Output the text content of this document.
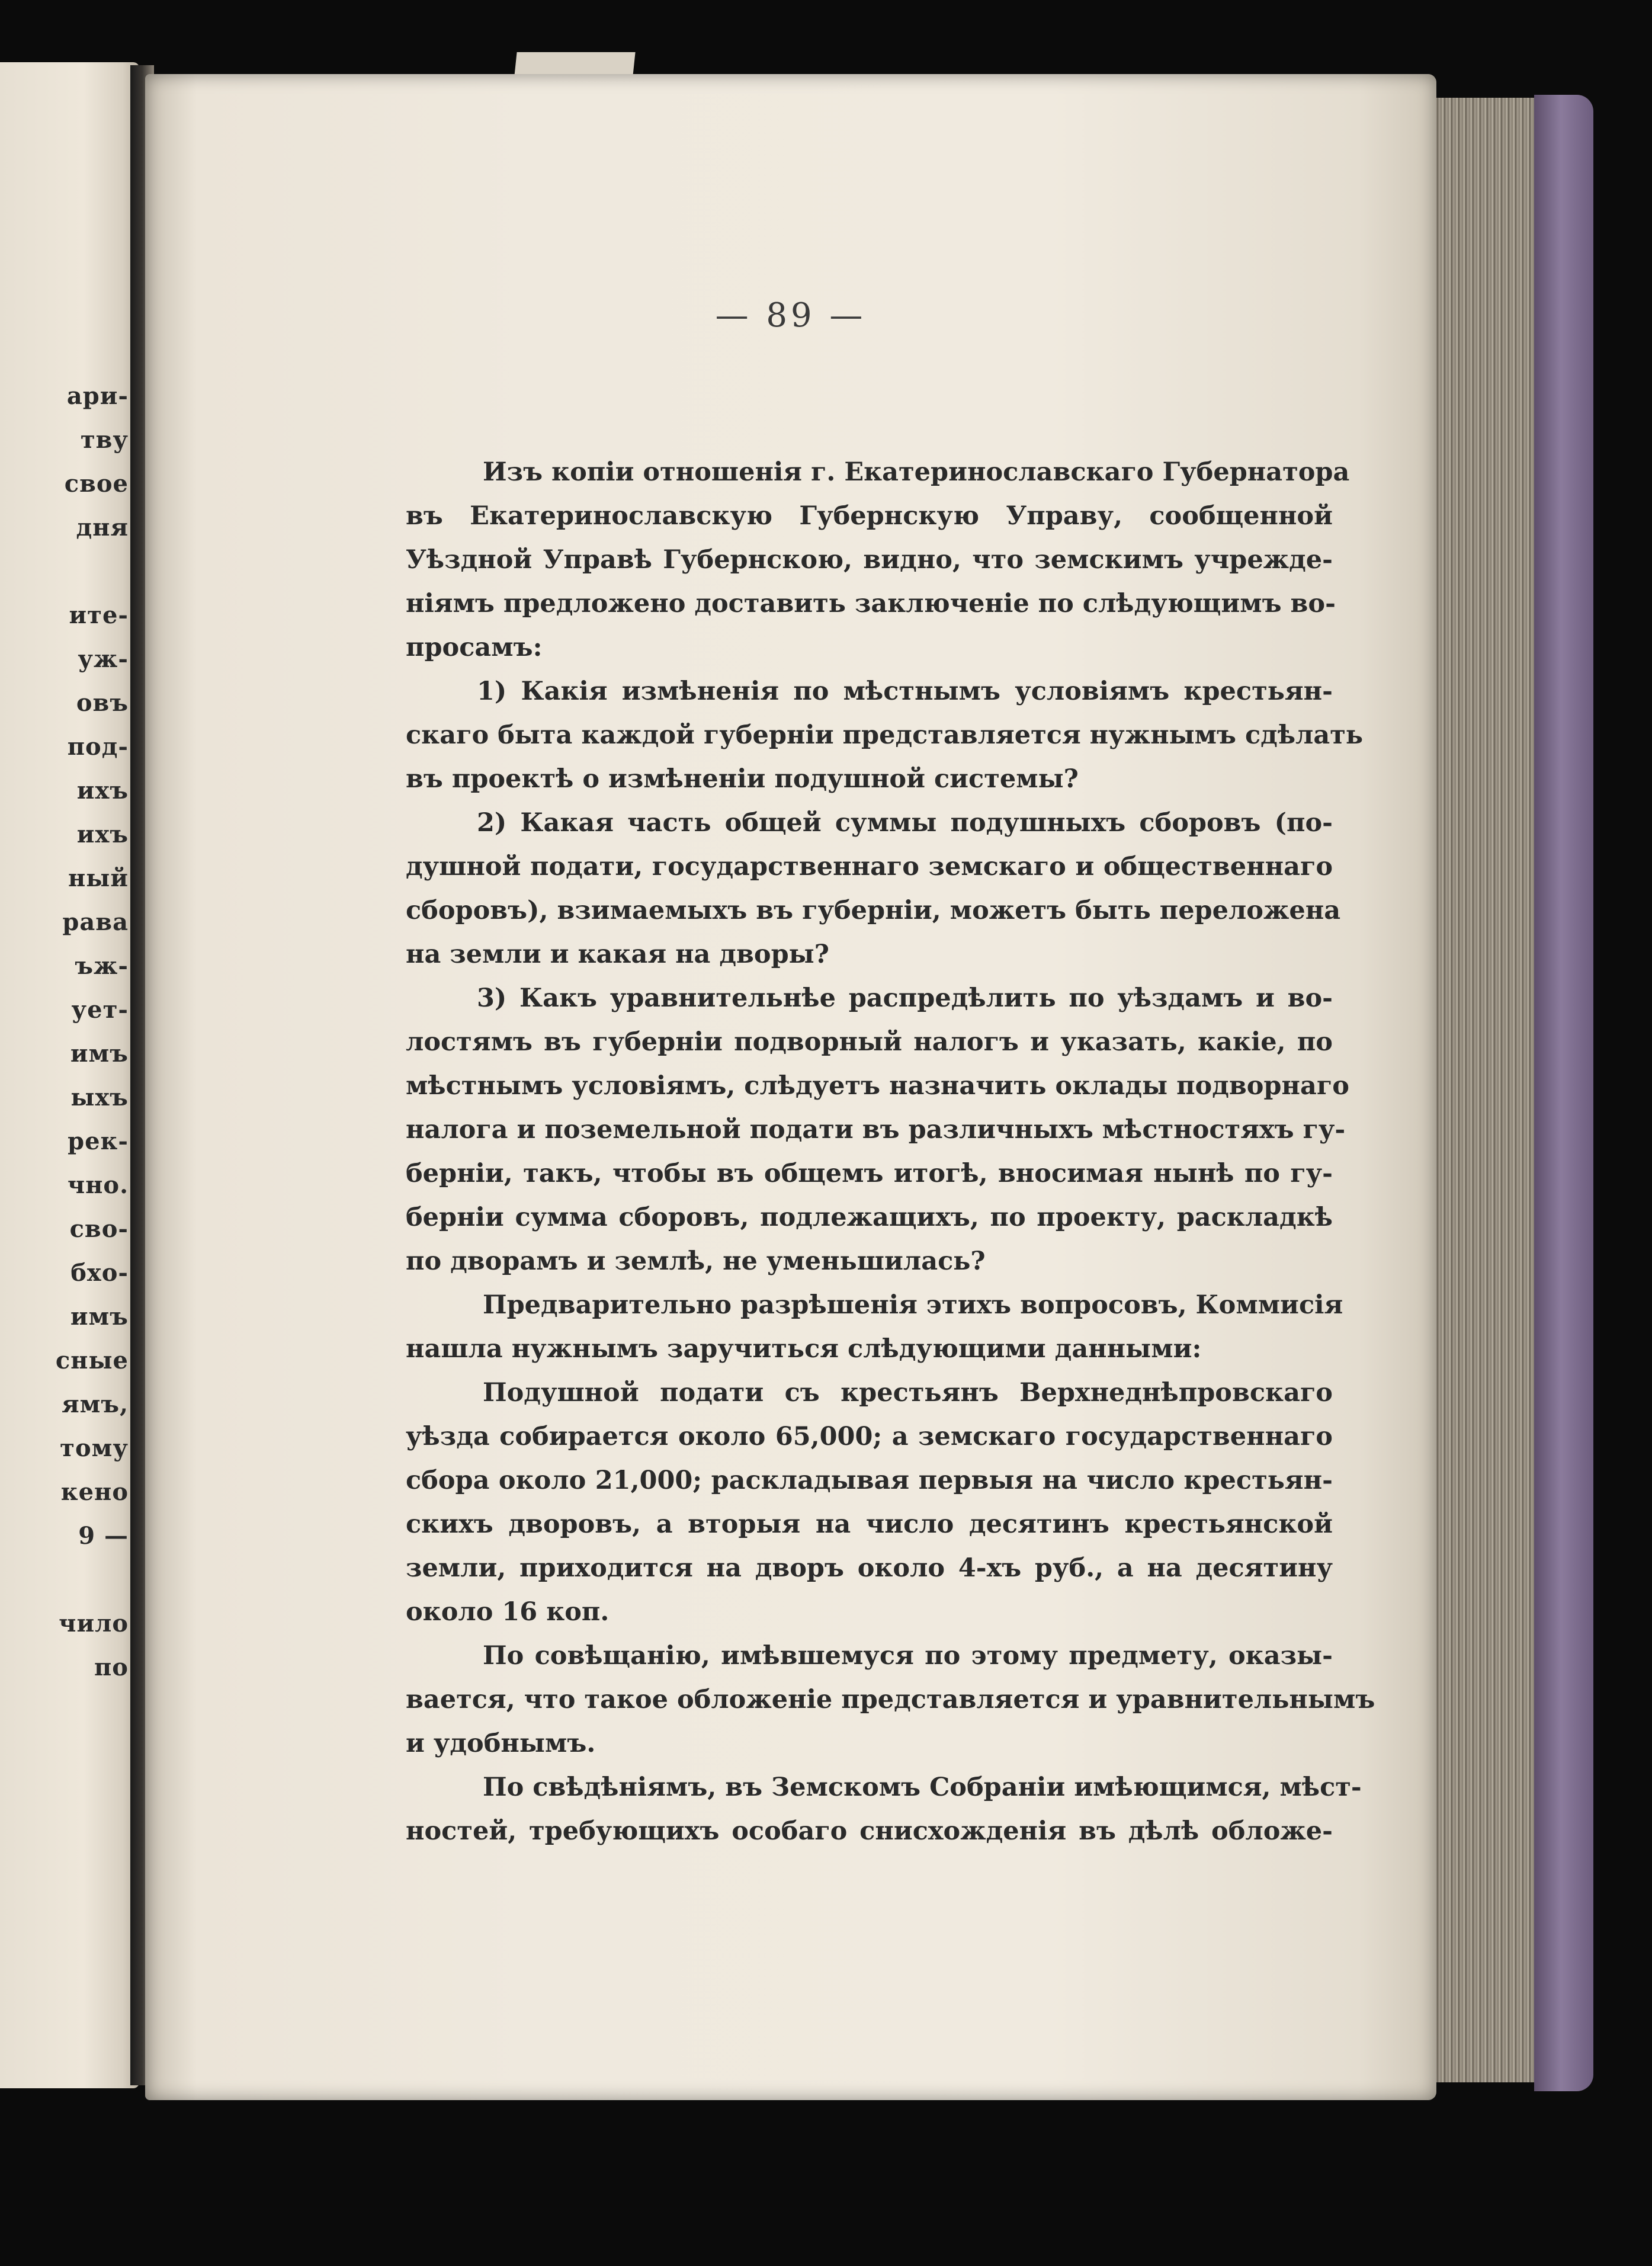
ари-
тву
свое
дня
ите-
уж-
овъ
под-
ихъ
ихъ
ный
рава
ъж-
ует-
имъ
ыхъ
рек-
чно.
сво-
бхо-
имъ
сные
ямъ,
тому
кено
9 —
чило
по
— 89 —
Изъ копіи отношенія г. Екатеринославскаго Губернатора
въ Екатеринославскую Губернскую Управу, сообщенной
Уѣздной Управѣ Губернскою, видно, что земскимъ учрежде-
ніямъ предложено доставить заключеніе по слѣдующимъ во-
просамъ:
1) Какія измѣненія по мѣстнымъ условіямъ крестьян-
скаго быта каждой губерніи представляется нужнымъ сдѣлать
въ проектѣ о измѣненіи подушной системы?
2) Какая часть общей суммы подушныхъ сборовъ (по-
душной подати, государственнаго земскаго и общественнаго
сборовъ), взимаемыхъ въ губерніи, можетъ быть переложена
на земли и какая на дворы?
3) Какъ уравнительнѣе распредѣлить по уѣздамъ и во-
лостямъ въ губерніи подворный налогъ и указать, какіе, по
мѣстнымъ условіямъ, слѣдуетъ назначить оклады подворнаго
налога и поземельной подати въ различныхъ мѣстностяхъ гу-
берніи, такъ, чтобы въ общемъ итогѣ, вносимая нынѣ по гу-
берніи сумма сборовъ, подлежащихъ, по проекту, раскладкѣ
по дворамъ и землѣ, не уменьшилась?
Предварительно разрѣшенія этихъ вопросовъ, Коммисія
нашла нужнымъ заручиться слѣдующими данными:
Подушной подати съ крестьянъ Верхнеднѣпровскаго
уѣзда собирается около 65,000; а земскаго государственнаго
сбора около 21,000; раскладывая первыя на число крестьян-
скихъ дворовъ, а вторыя на число десятинъ крестьянской
земли, приходится на дворъ около 4-хъ руб., а на десятину
около 16 коп.
По совѣщанію, имѣвшемуся по этому предмету, оказы-
вается, что такое обложеніе представляется и уравнительнымъ
и удобнымъ.
По свѣдѣніямъ, въ Земскомъ Собраніи имѣющимся, мѣст-
ностей, требующихъ особаго снисхожденія въ дѣлѣ обложе-
